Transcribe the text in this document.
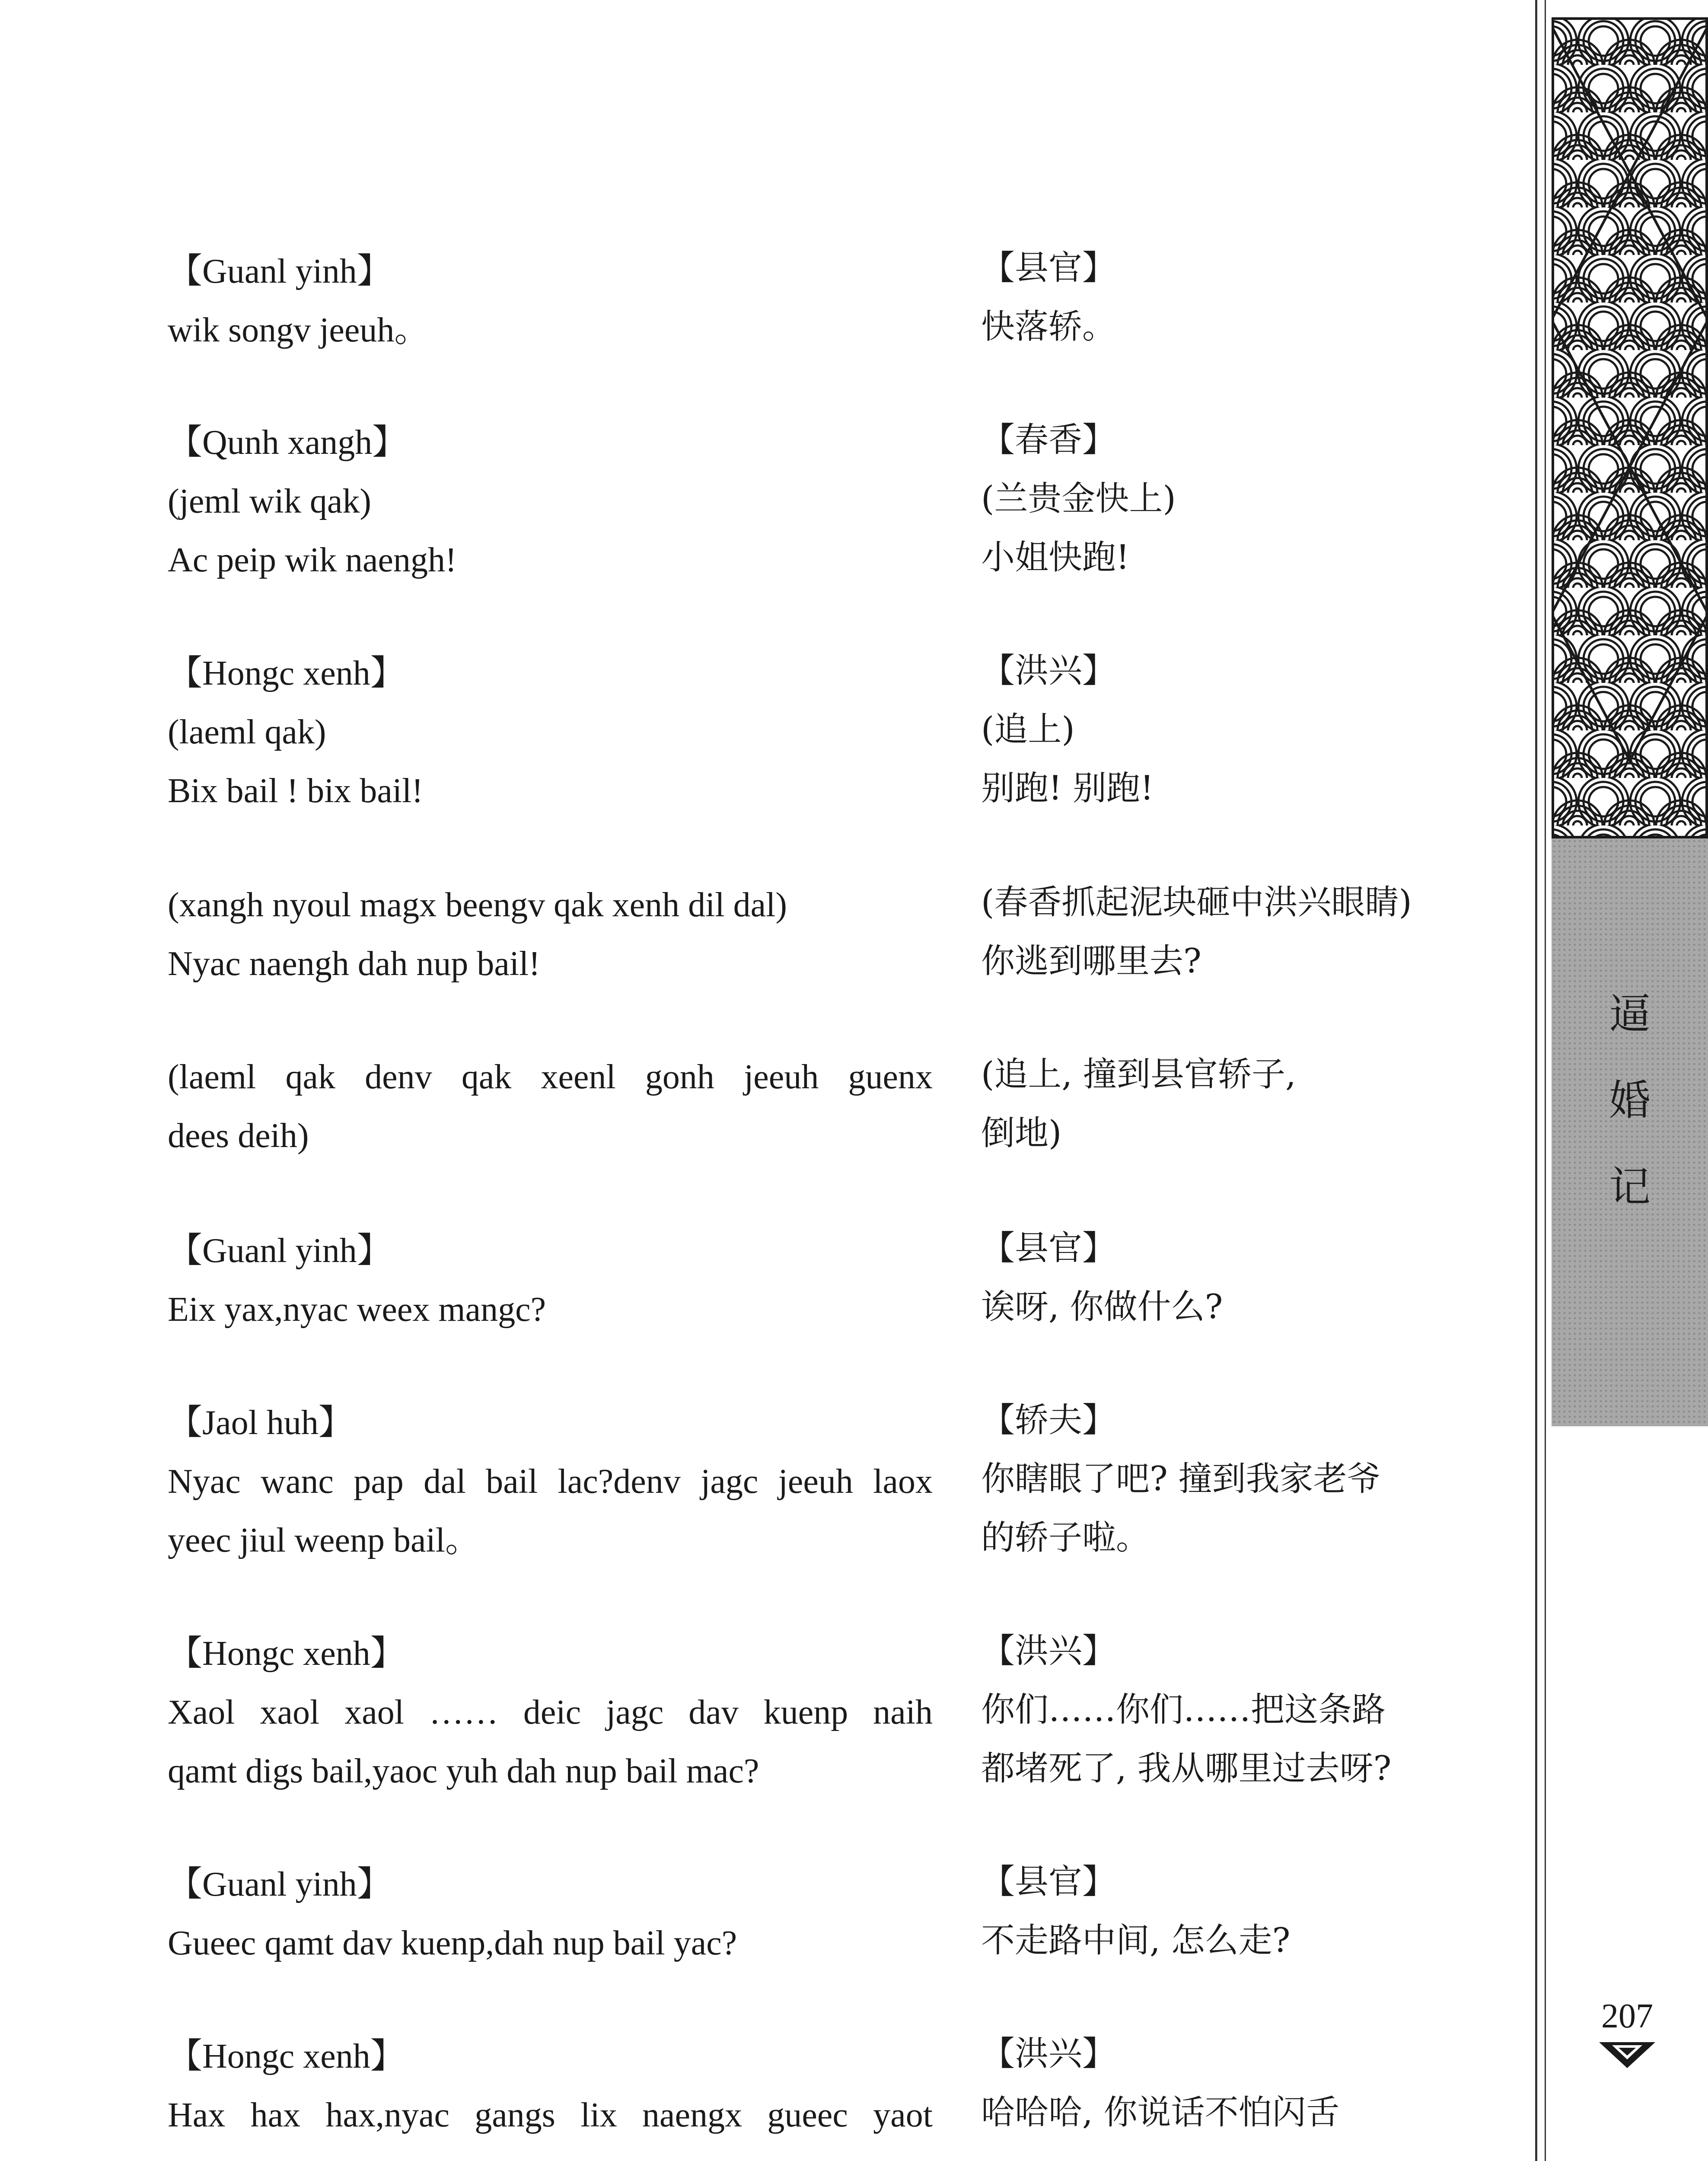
【Guanl yinh】
wik songv jeeuh。
【Qunh xangh】
(jeml wik qak)
Ac peip wik naengh!
【Hongc xenh】
(laeml qak)
Bix bail ! bix bail!
(xangh nyoul magx beengv qak xenh dil dal)
Nyac naengh dah nup bail!
(laeml qak denv qak xeenl gonh jeeuh guenx
dees deih)
【Guanl yinh】
Eix yax,nyac weex mangc?
【Jaol huh】
Nyac wanc pap dal bail lac?denv jagc jeeuh laox
yeec jiul weenp bail。
【Hongc xenh】
Xaol xaol xaol …… deic jagc dav kuenp naih
qamt digs bail,yaoc yuh dah nup bail mac?
【Guanl yinh】
Gueec qamt dav kuenp,dah nup bail yac?
【Hongc xenh】
Hax hax hax,nyac gangs lix naengx gueec yaot
【县官】
快落轿。
【春香】
(兰贵金快上)
小姐快跑!
【洪兴】
(追上)
别跑! 别跑!
(春香抓起泥块砸中洪兴眼睛)
你逃到哪里去?
(追上, 撞到县官轿子,
倒地)
【县官】
诶呀, 你做什么?
【轿夫】
你瞎眼了吧? 撞到我家老爷
的轿子啦。
【洪兴】
你们……你们……把这条路
都堵死了, 我从哪里过去呀?
【县官】
不走路中间, 怎么走?
【洪兴】
哈哈哈, 你说话不怕闪舌
逼
婚
记
207
